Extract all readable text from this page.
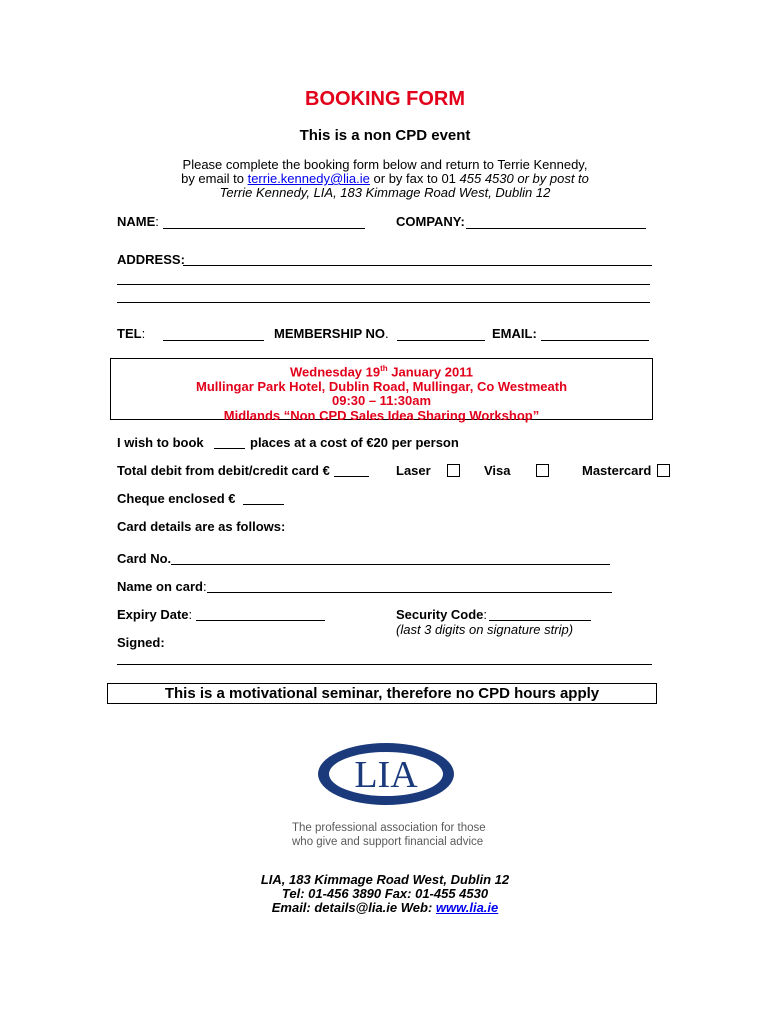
BOOKING FORM
This is a non CPD event
Please complete the booking form below and return to Terrie Kennedy,
by email to terrie.kennedy@lia.ie or by fax to 01 455 4530 or by post to
Terrie Kennedy, LIA, 183 Kimmage Road West, Dublin 12
NAME:	COMPANY:
ADDRESS:
TEL:	MEMBERSHIP NO.	EMAIL:
Wednesday 19th January 2011
Mullingar Park Hotel, Dublin Road, Mullingar, Co Westmeath
09:30 – 11:30am
Midlands “Non CPD Sales Idea Sharing Workshop”
I wish to book	places at a cost of €20 per person
Total debit from debit/credit card €	Laser	Visa	Mastercard
Cheque enclosed €
Card details are as follows:
Card No.
Name on card:
Expiry Date:	Security Code:
(last 3 digits on signature strip)
Signed:
This is a motivational seminar, therefore no CPD hours apply
LIA
The professional association for those
who give and support financial advice
LIA, 183 Kimmage Road West, Dublin 12
Tel: 01-456 3890 Fax: 01-455 4530
Email: details@lia.ie Web: www.lia.ie
